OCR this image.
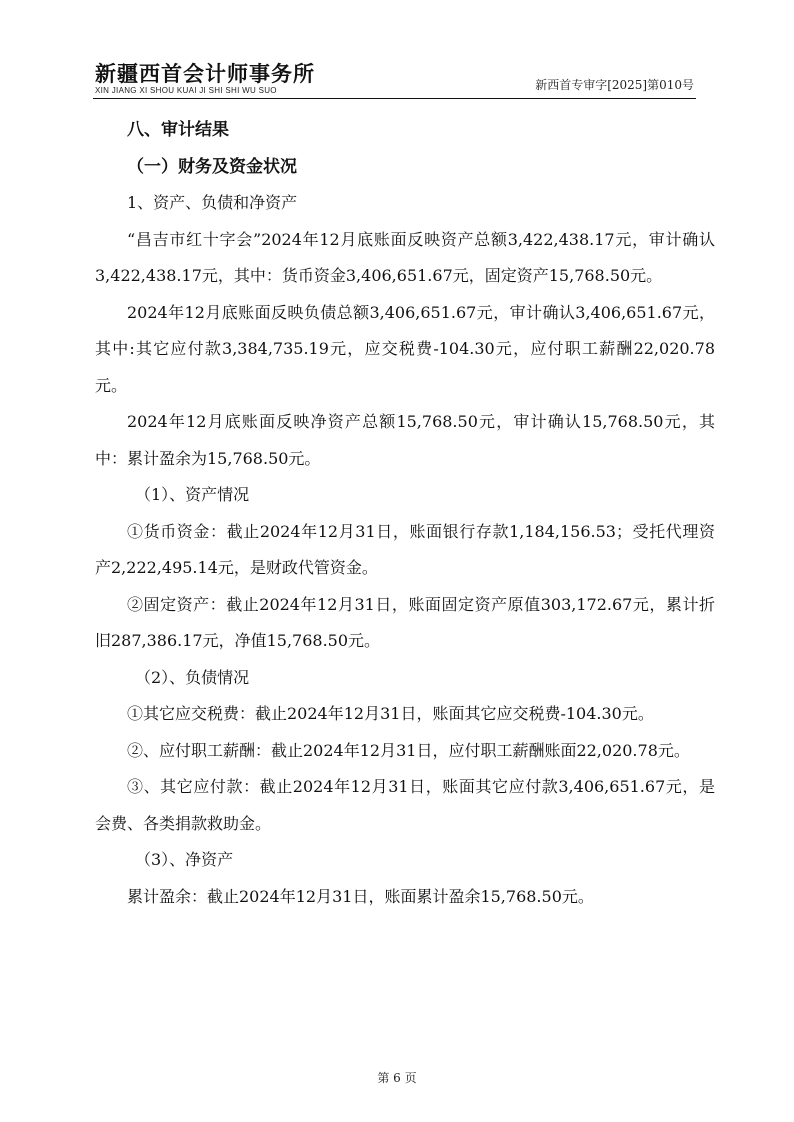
新疆西首会计师事务所
XIN JIANG XI SHOU KUAI JI SHI SHI WU SUO	新西首专审字[2025]第010号

八、审计结果

（一）财务及资金状况

1、资产、负债和净资产

“昌吉市红十字会”2024年12月底账面反映资产总额3,422,438.17元，审计确认3,422,438.17元，其中：货币资金3,406,651.67元，固定资产15,768.50元。

2024年12月底账面反映负债总额3,406,651.67元，审计确认3,406,651.67元，其中:其它应付款3,384,735.19元，应交税费-104.30元，应付职工薪酬22,020.78元。

2024年12月底账面反映净资产总额15,768.50元，审计确认15,768.50元，其中：累计盈余为15,768.50元。

（1）、资产情况

①货币资金：截止2024年12月31日，账面银行存款1,184,156.53；受托代理资产2,222,495.14元，是财政代管资金。

②固定资产：截止2024年12月31日，账面固定资产原值303,172.67元，累计折旧287,386.17元，净值15,768.50元。

（2）、负债情况

①其它应交税费：截止2024年12月31日，账面其它应交税费-104.30元。

②、应付职工薪酬：截止2024年12月31日，应付职工薪酬账面22,020.78元。

③、其它应付款：截止2024年12月31日，账面其它应付款3,406,651.67元，是会费、各类捐款救助金。

（3）、净资产

累计盈余：截止2024年12月31日，账面累计盈余15,768.50元。

第 6 页
